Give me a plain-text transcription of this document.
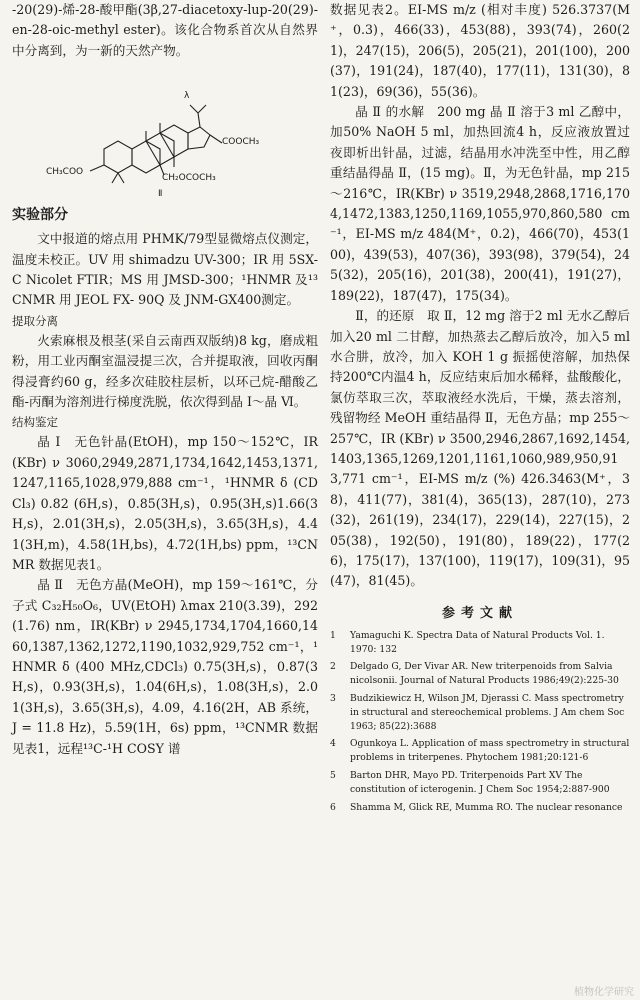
-20(29)-烯-28-酸甲酯(3β,27-diacetoxy-lup-20(29)-en-28-oic-methyl ester)。该化合物系首次从自然界中分离到，为一新的天然产物。

λ
COOCH₃
CH₃COO
CH₂OCOCH₃
Ⅱ
实验部分

文中报道的熔点用 PHMK/79型显微熔点仪测定，温度未校正。UV 用 shimadzu UV-300；IR 用 5SX- C Nicolet FTIR；MS 用 JMSD-300；¹HNMR 及¹³ CNMR 用 JEOL FX- 90Q 及 JNM-GX400测定。

提取分离

火索麻根及根茎(采自云南西双版纳)8 kg，磨成粗粉，用工业丙酮室温浸提三次，合并提取液，回收丙酮得浸膏约60 g，经多次硅胶柱层析，以环己烷-醋酸乙酯-丙酮为溶剂进行梯度洗脱，依次得到晶 Ⅰ～晶 Ⅵ。

结构鉴定

晶 Ⅰ　无色针晶(EtOH)，mp 150～152℃，IR(KBr) ν 3060,2949,2871,1734,1642,1453,1371,1247,1165,1028,979,888 cm⁻¹，¹HNMR δ (CDCl₃) 0.82 (6H,s)，0.85(3H,s)，0.95(3H,s)1.66(3H,s)，2.01(3H,s)，2.05(3H,s)，3.65(3H,s)，4.41(3H,m)，4.58(1H,bs)，4.72(1H,bs) ppm，¹³CNMR 数据见表1。

晶 Ⅱ　无色方晶(MeOH)，mp 159～161℃，分子式 C₃₂H₅₀O₆，UV(EtOH) λmax 210(3.39)，292(1.76) nm，IR(KBr) ν 2945,1734,1704,1660,1460,1387,1362,1272,1190,1032,929,752 cm⁻¹，¹HNMR δ (400 MHz,CDCl₃) 0.75(3H,s)，0.87(3H,s)，0.93(3H,s)，1.04(6H,s)，1.08(3H,s)，2.01(3H,s)，3.65(3H,s)，4.09，4.16(2H，AB 系统，J = 11.8 Hz)，5.59(1H，6s) ppm，¹³CNMR 数据见表1，远程¹³C-¹H COSY 谱

数据见表2。EI-MS m/z (相对丰度) 526.3737(M⁺，0.3)，466(33)，453(88)，393(74)，260(21)，247(15)，206(5)，205(21)，201(100)，200(37)，191(24)，187(40)，177(11)，131(30)，81(23)，69(36)，55(36)。

晶 Ⅱ 的水解　200 mg 晶 Ⅱ 溶于3 ml 乙醇中，加50% NaOH 5 ml，加热回流4 h，反应液放置过夜即析出针晶，过滤，结晶用水冲洗至中性，用乙醇重结晶得晶 Ⅱ，(15 mg)。Ⅱ，为无色针晶，mp 215～216℃，IR(KBr) ν 3519,2948,2868,1716,1704,1472,1383,1250,1169,1055,970,860,580 cm⁻¹，EI-MS m/z 484(M⁺，0.2)，466(70)，453(100)，439(53)，407(36)，393(98)，379(54)，245(32)，205(16)，201(38)，200(41)，191(27)，189(22)，187(47)，175(34)。

Ⅱ，的还原　取 Ⅱ，12 mg 溶于2 ml 无水乙醇后加入20 ml 二甘醇，加热蒸去乙醇后放冷，加入5 ml 水合肼，放冷，加入 KOH 1 g 振摇使溶解，加热保持200℃内温4 h，反应结束后加水稀释，盐酸酸化，氯仿萃取三次，萃取液经水洗后，干燥，蒸去溶剂，残留物经 MeOH 重结晶得 Ⅱ，无色方晶；mp 255～257℃，IR (KBr) ν 3500,2946,2867,1692,1454,1403,1365,1269,1201,1161,1060,989,950,913,771 cm⁻¹，EI-MS m/z (%) 426.3463(M⁺，38)，411(77)，381(4)，365(13)，287(10)，273(32)，261(19)，234(17)，229(14)，227(15)，205(38)，192(50)，191(80)，189(22)，177(26)，175(17)，137(100)，119(17)，109(31)，95(47)，81(45)。

参考文献
1	Yamaguchi K. Spectra Data of Natural Products Vol. 1. 1970: 132
2	Delgado G, Der Vivar AR. New triterpenoids from Salvia nicolsonii. Journal of Natural Products 1986;49(2):225-30
3	Budzikiewicz H, Wilson JM, Djerassi C. Mass spectrometry in structural and stereochemical problems. J Am chem Soc 1963; 85(22):3688
4	Ogunkoya L. Application of mass spectrometry in structural problems in triterpenes. Phytochem 1981;20:121-6
5	Barton DHR, Mayo PD. Triterpenoids Part XV The constitution of icterogenin. J Chem Soc 1954;2:887-900
6	Shamma M, Glick RE, Mumma RO. The nuclear resonance
植物化学研究
